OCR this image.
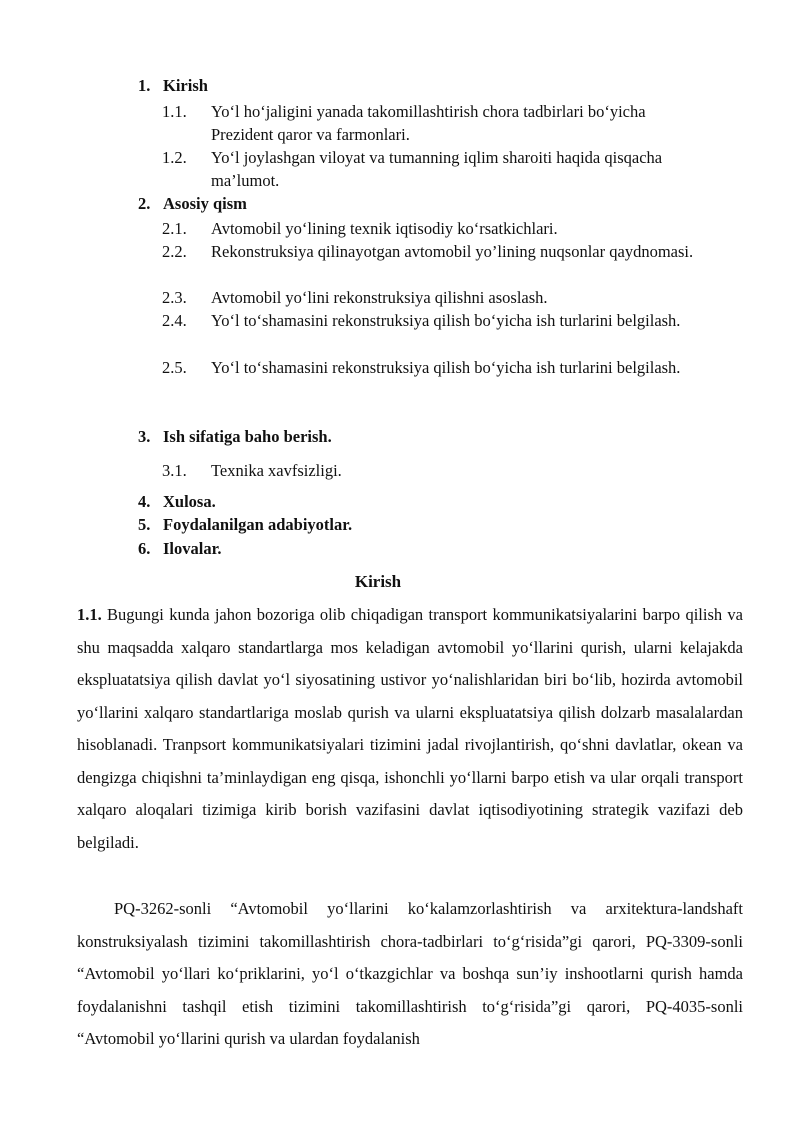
1. Kirish
1.1. Yo‘l ho‘jaligini yanada takomillashtirish chora tadbirlari bo‘yicha Prezident qaror va farmonlari.
1.2. Yo‘l joylashgan viloyat va tumanning iqlim sharoiti haqida qisqacha ma’lumot.
2. Asosiy qism
2.1. Avtomobil yo‘lining texnik iqtisodiy ko‘rsatkichlari.
2.2. Rekonstruksiya qilinayotgan avtomobil yo’lining nuqsonlar qaydnomasi.
2.3. Avtomobil yo‘lini rekonstruksiya qilishni asoslash.
2.4. Yo‘l to‘shamasini rekonstruksiya qilish bo‘yicha ish turlarini belgilash.
2.5. Yo‘l to‘shamasini rekonstruksiya qilish bo‘yicha ish turlarini belgilash.
3. Ish sifatiga baho berish.
3.1. Texnika xavfsizligi.
4. Xulosa.
5. Foydalanilgan adabiyotlar.
6. Ilovalar.
Kirish

1.1. Bugungi kunda jahon bozoriga olib chiqadigan transport kommunikatsiyalarini barpo qilish va shu maqsadda xalqaro standartlarga mos keladigan avtomobil yo‘llarini qurish, ularni kelajakda ekspluatatsiya qilish davlat yo‘l siyosatining ustivor yo‘nalishlaridan biri bo‘lib, hozirda avtomobil yo‘llarini xalqaro standartlariga moslab qurish va ularni ekspluatatsiya qilish dolzarb masalalardan hisoblanadi. Tranpsort kommunikatsiyalari tizimini jadal rivojlantirish, qo‘shni davlatlar, okean va dengizga chiqishni ta’minlaydigan eng qisqa, ishonchli yo‘llarni barpo etish va ular orqali transport xalqaro aloqalari tizimiga kirib borish vazifasini davlat iqtisodiyotining strategik vazifazi deb belgiladi.

PQ-3262-sonli “Avtomobil yo‘llarini ko‘kalamzorlashtirish va arxitektura-landshaft konstruksiyalash tizimini takomillashtirish chora-tadbirlari to‘g‘risida”gi qarori, PQ-3309-sonli “Avtomobil yo‘llari ko‘priklarini, yo‘l o‘tkazgichlar va boshqa sun’iy inshootlarni qurish hamda foydalanishni tashqil etish tizimini takomillashtirish to‘g‘risida”gi qarori, PQ-4035-sonli “Avtomobil yo‘llarini qurish va ulardan foydalanish
